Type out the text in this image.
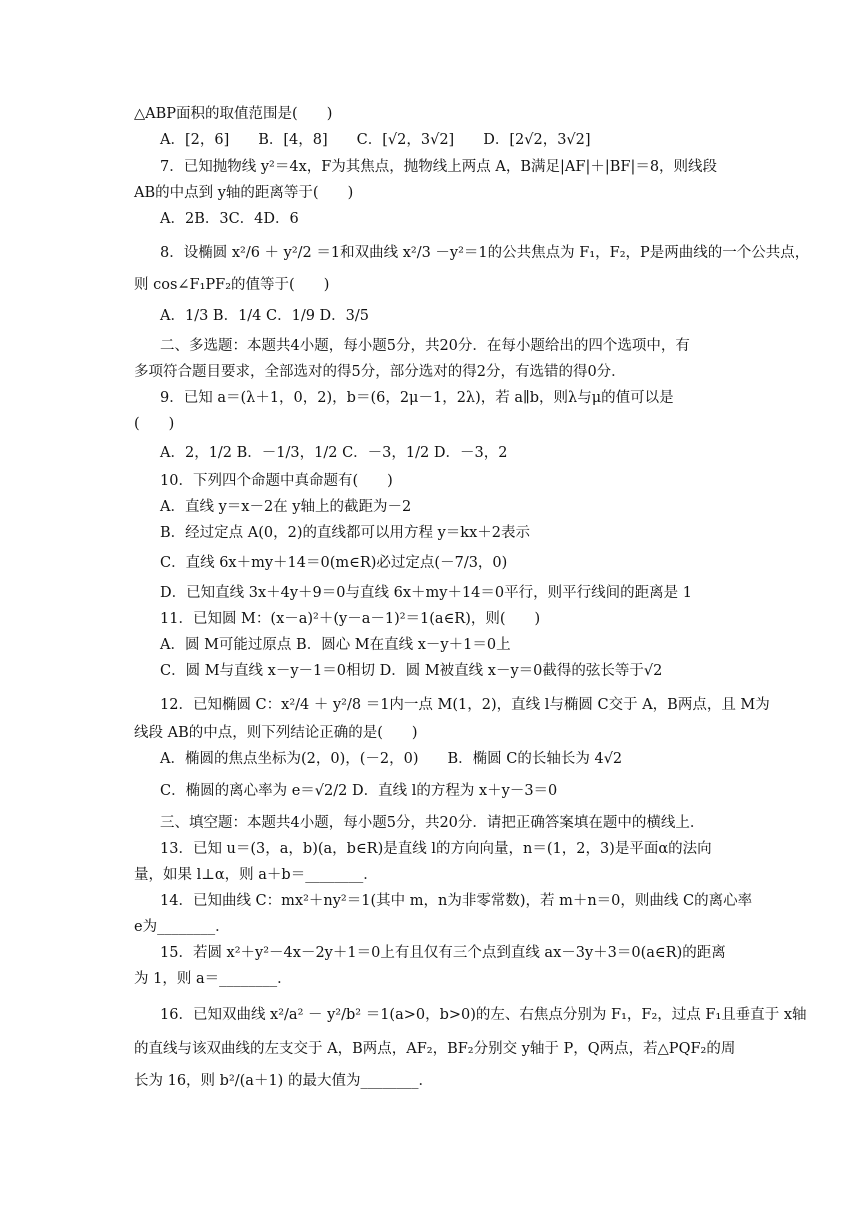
△ABP面积的取值范围是(　　)
A．[2，6]　　B．[4，8]　　C．[√2，3√2]　　D．[2√2，3√2]
7．已知抛物线 y²＝4x，F为其焦点，抛物线上两点 A，B满足|AF|＋|BF|＝8，则线段
AB的中点到 y轴的距离等于(　　)
A．2B．3C．4D．6
8．设椭圆 x²/6 ＋ y²/2 ＝1和双曲线 x²/3 －y²＝1的公共焦点为 F₁，F₂，P是两曲线的一个公共点，
则 cos∠F₁PF₂的值等于(　　)
A．1/3 B．1/4 C．1/9 D．3/5
二、多选题：本题共4小题，每小题5分，共20分．在每小题给出的四个选项中，有
多项符合题目要求，全部选对的得5分，部分选对的得2分，有选错的得0分．
9．已知 a＝(λ＋1，0，2)，b＝(6，2μ－1，2λ)，若 a∥b，则λ与μ的值可以是
(　　)
A．2，1/2 B．－1/3，1/2 C．－3，1/2 D．－3，2
10．下列四个命题中真命题有(　　)
A．直线 y＝x－2在 y轴上的截距为－2
B．经过定点 A(0，2)的直线都可以用方程 y＝kx＋2表示
C．直线 6x＋my＋14＝0(m∈R)必过定点(－7/3，0)
D．已知直线 3x＋4y＋9＝0与直线 6x＋my＋14＝0平行，则平行线间的距离是 1
11．已知圆 M：(x－a)²＋(y－a－1)²＝1(a∈R)，则(　　)
A．圆 M可能过原点 B．圆心 M在直线 x－y＋1＝0上
C．圆 M与直线 x－y－1＝0相切 D．圆 M被直线 x－y＝0截得的弦长等于√2
12．已知椭圆 C：x²/4 ＋ y²/8 ＝1内一点 M(1，2)，直线 l与椭圆 C交于 A，B两点，且 M为
线段 AB的中点，则下列结论正确的是(　　)
A．椭圆的焦点坐标为(2，0)，(－2，0)　　B．椭圆 C的长轴长为 4√2
C．椭圆的离心率为 e＝√2/2 D．直线 l的方程为 x＋y－3＝0
三、填空题：本题共4小题，每小题5分，共20分．请把正确答案填在题中的横线上．
13．已知 u＝(3，a，b)(a，b∈R)是直线 l的方向向量，n＝(1，2，3)是平面α的法向
量，如果 l⊥α，则 a＋b＝________．
14．已知曲线 C：mx²＋ny²＝1(其中 m，n为非零常数)，若 m＋n＝0，则曲线 C的离心率
e为________．
15．若圆 x²＋y²－4x－2y＋1＝0上有且仅有三个点到直线 ax－3y＋3＝0(a∈R)的距离
为 1，则 a＝________．
16．已知双曲线 x²/a² － y²/b² ＝1(a>0，b>0)的左、右焦点分别为 F₁，F₂，过点 F₁且垂直于 x轴
的直线与该双曲线的左支交于 A，B两点，AF₂，BF₂分别交 y轴于 P，Q两点，若△PQF₂的周
长为 16，则 b²/(a＋1) 的最大值为________．
